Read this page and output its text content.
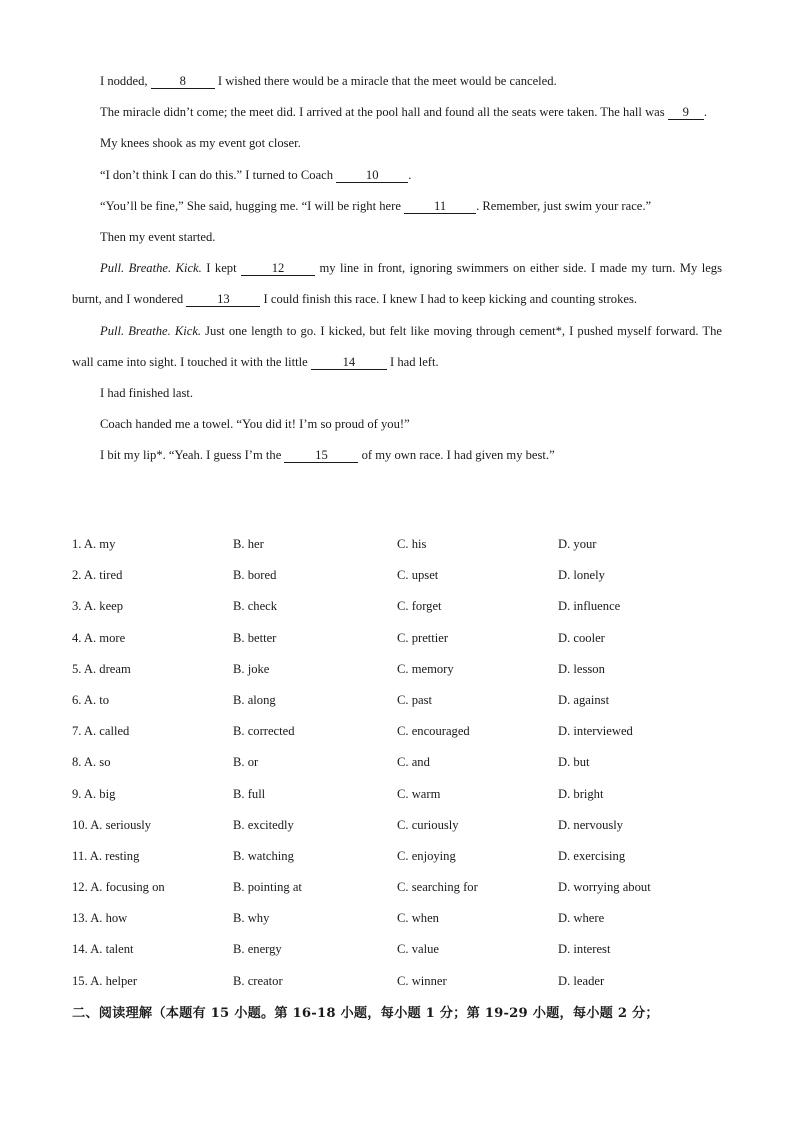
I nodded, 8 I wished there would be a miracle that the meet would be canceled.

The miracle didn’t come; the meet did. I arrived at the pool hall and found all the seats were taken. The hall was 9 .

My knees shook as my event got closer.

“I don’t think I can do this.” I turned to Coach 10 .

“You’ll be fine,” She said, hugging me. “I will be right here 11 . Remember, just swim your race.”

Then my event started.

Pull. Breathe. Kick. I kept 12 my line in front, ignoring swimmers on either side. I made my turn. My legs burnt, and I wondered 13 I could finish this race. I knew I had to keep kicking and counting strokes.

Pull. Breathe. Kick. Just one length to go. I kicked, but felt like moving through cement*, I pushed myself forward. The wall came into sight. I touched it with the little	14	I had left.

I had finished last.

Coach handed me a towel. “You did it! I’m so proud of you!”

I bit my lip*. “Yeah. I guess I’m the 15 of my own race. I had given my best.”

1. A. my	B. her	C. his	D. your
2. A. tired	B. bored	C. upset	D. lonely
3. A. keep	B. check	C. forget	D. influence
4. A. more	B. better	C. prettier	D. cooler
5. A. dream	B. joke	C. memory	D. lesson
6. A. to	B. along	C. past	D. against
7. A. called	B. corrected	C. encouraged	D. interviewed
8. A. so	B. or	C. and	D. but
9. A. big	B. full	C. warm	D. bright
10. A. seriously	B. excitedly	C. curiously	D. nervously
11. A. resting	B. watching	C. enjoying	D. exercising
12. A. focusing on	B. pointing at	C. searching for	D. worrying about
13. A. how	B. why	C. when	D. where
14. A. talent	B. energy	C. value	D. interest
15. A. helper	B. creator	C. winner	D. leader
二、阅读理解（本题有 15 小题。第 16-18 小题，每小题 1 分；第 19-29 小题，每小题 2 分；
